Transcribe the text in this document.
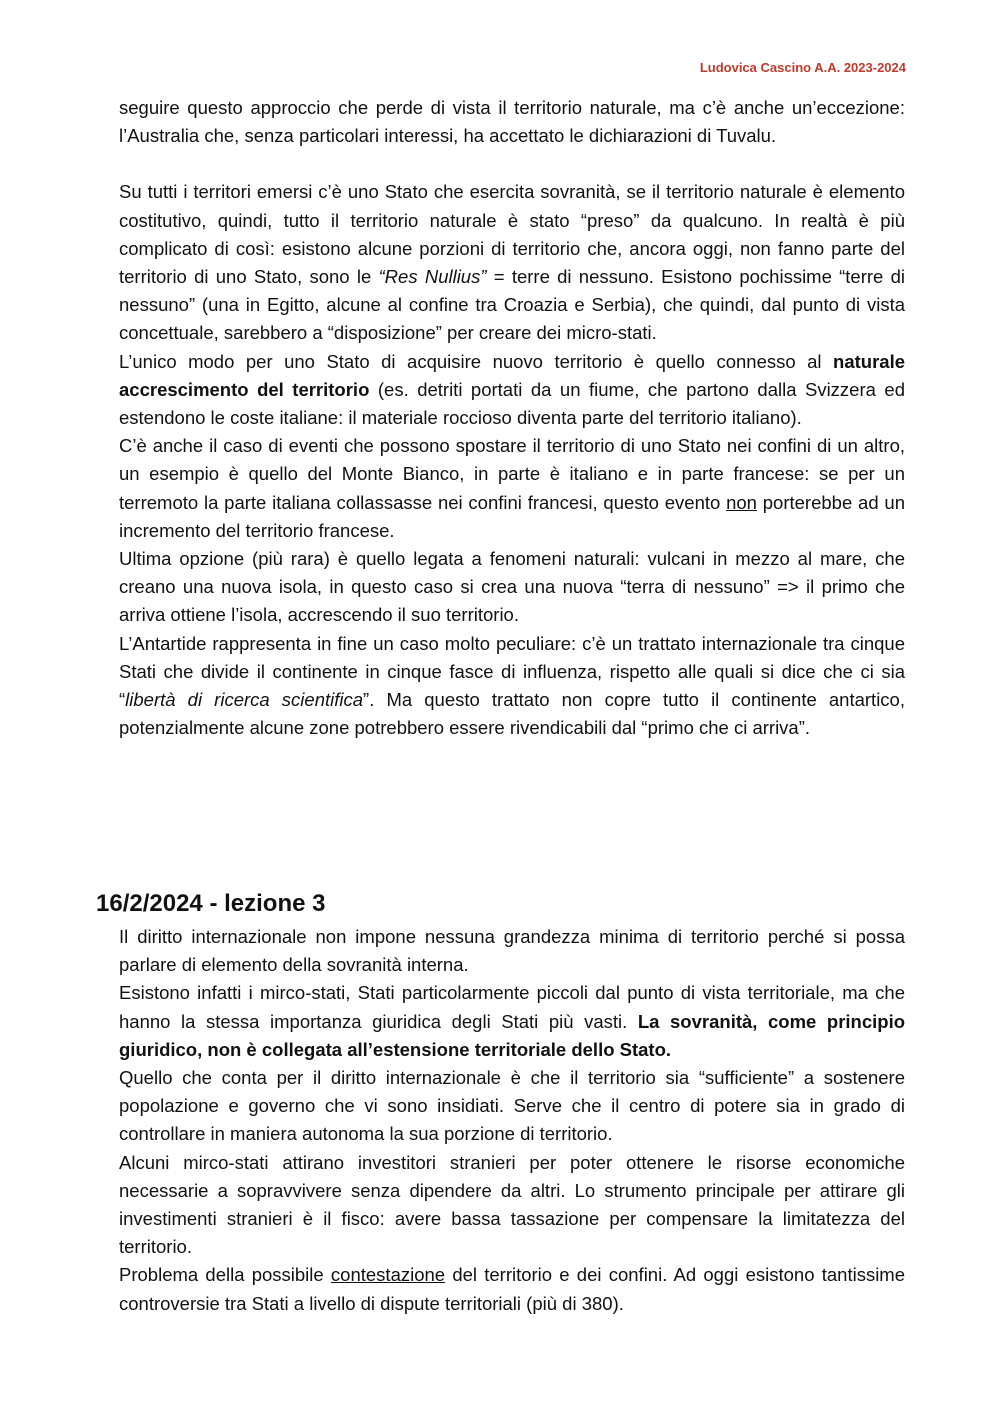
Ludovica Cascino A.A. 2023-2024

seguire questo approccio che perde di vista il territorio naturale, ma c’è anche un’eccezione: l’Australia che, senza particolari interessi, ha accettato le dichiarazioni di Tuvalu.

Su tutti i territori emersi c’è uno Stato che esercita sovranità, se il territorio naturale è elemento costitutivo, quindi, tutto il territorio naturale è stato “preso” da qualcuno. In realtà è più complicato di così: esistono alcune porzioni di territorio che, ancora oggi, non fanno parte del territorio di uno Stato, sono le “Res Nullius” = terre di nessuno. Esistono pochissime “terre di nessuno” (una in Egitto, alcune al confine tra Croazia e Serbia), che quindi, dal punto di vista concettuale, sarebbero a “disposizione” per creare dei micro-stati.

L’unico modo per uno Stato di acquisire nuovo territorio è quello connesso al naturale accrescimento del territorio (es. detriti portati da un fiume, che partono dalla Svizzera ed estendono le coste italiane: il materiale roccioso diventa parte del territorio italiano).

C’è anche il caso di eventi che possono spostare il territorio di uno Stato nei confini di un altro, un esempio è quello del Monte Bianco, in parte è italiano e in parte francese: se per un terremoto la parte italiana collassasse nei confini francesi, questo evento non porterebbe ad un incremento del territorio francese.

Ultima opzione (più rara) è quello legata a fenomeni naturali: vulcani in mezzo al mare, che creano una nuova isola, in questo caso si crea una nuova “terra di nessuno” => il primo che arriva ottiene l’isola, accrescendo il suo territorio.

L’Antartide rappresenta in fine un caso molto peculiare: c’è un trattato internazionale tra cinque Stati che divide il continente in cinque fasce di influenza, rispetto alle quali si dice che ci sia “libertà di ricerca scientifica”. Ma questo trattato non copre tutto il continente antartico, potenzialmente alcune zone potrebbero essere rivendicabili dal “primo che ci arriva”.

16/2/2024 - lezione 3

Il diritto internazionale non impone nessuna grandezza minima di territorio perché si possa parlare di elemento della sovranità interna.

Esistono infatti i mirco-stati, Stati particolarmente piccoli dal punto di vista territoriale, ma che hanno la stessa importanza giuridica degli Stati più vasti. La sovranità, come principio giuridico, non è collegata all’estensione territoriale dello Stato.

Quello che conta per il diritto internazionale è che il territorio sia “sufficiente” a sostenere popolazione e governo che vi sono insidiati. Serve che il centro di potere sia in grado di controllare in maniera autonoma la sua porzione di territorio.

Alcuni mirco-stati attirano investitori stranieri per poter ottenere le risorse economiche necessarie a sopravvivere senza dipendere da altri. Lo strumento principale per attirare gli investimenti stranieri è il fisco: avere bassa tassazione per compensare la limitatezza del territorio.

Problema della possibile contestazione del territorio e dei confini. Ad oggi esistono tantissime controversie tra Stati a livello di dispute territoriali (più di 380).
